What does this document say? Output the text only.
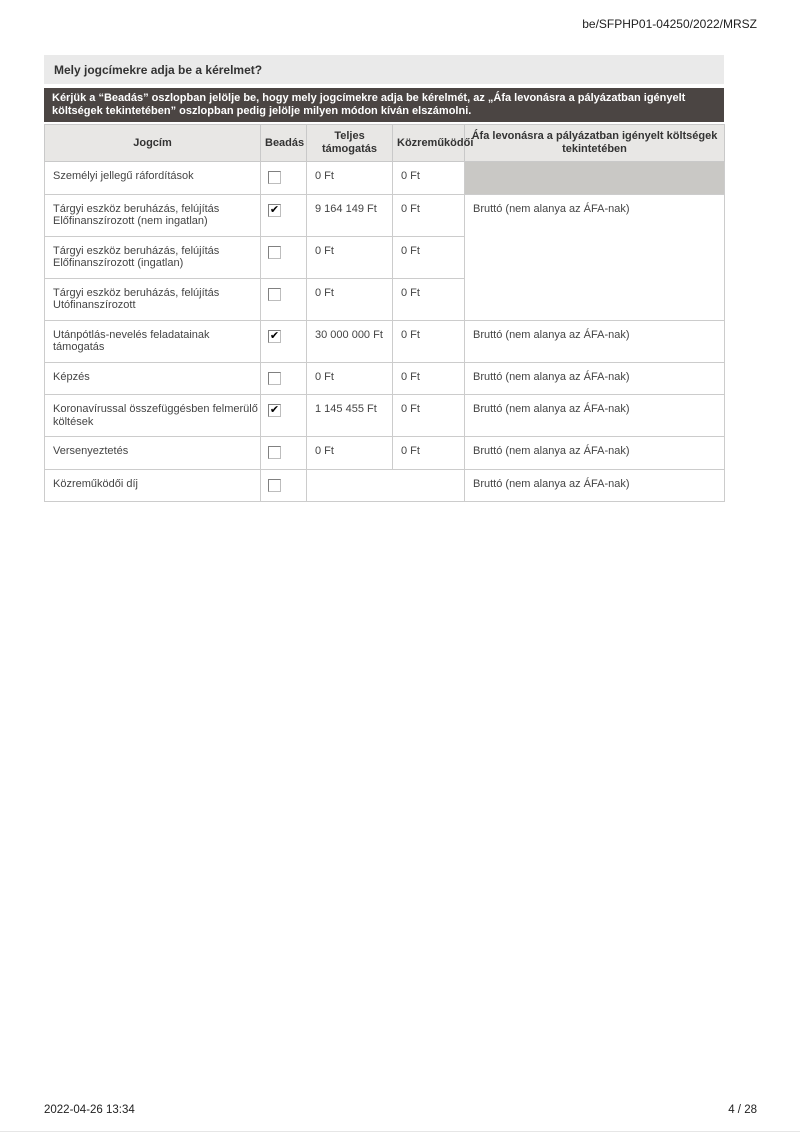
be/SFPHP01-04250/2022/MRSZ
Mely jogcímekre adja be a kérelmet?
Kérjük a “Beadás” oszlopban jelölje be, hogy mely jogcímekre adja be kérelmét, az „Áfa levonásra a pályázatban igényelt költségek tekintetében” oszlopban pedig jelölje milyen módon kíván elszámolni.
Jogcím	Beadás	Teljes támogatás	Közreműködői	Áfa levonásra a pályázatban igényelt költségek tekintetében
Személyi jellegű ráfordítások		0 Ft	0 Ft	
Tárgyi eszköz beruházás, felújítás Előfinanszírozott (nem ingatlan)	✔	9 164 149 Ft	0 Ft	Bruttó (nem alanya az ÁFA-nak)
Tárgyi eszköz beruházás, felújítás Előfinanszírozott (ingatlan)		0 Ft	0 Ft	
Tárgyi eszköz beruházás, felújítás Utófinanszírozott		0 Ft	0 Ft	
Utánpótlás-nevelés feladatainak támogatás	✔	30 000 000 Ft	0 Ft	Bruttó (nem alanya az ÁFA-nak)
Képzés		0 Ft	0 Ft	Bruttó (nem alanya az ÁFA-nak)
Koronavírussal összefüggésben felmerülő költések	✔	1 145 455 Ft	0 Ft	Bruttó (nem alanya az ÁFA-nak)
Versenyeztetés		0 Ft	0 Ft	Bruttó (nem alanya az ÁFA-nak)
Közreműködői díj				Bruttó (nem alanya az ÁFA-nak)
2022-04-26 13:34	4 / 28
